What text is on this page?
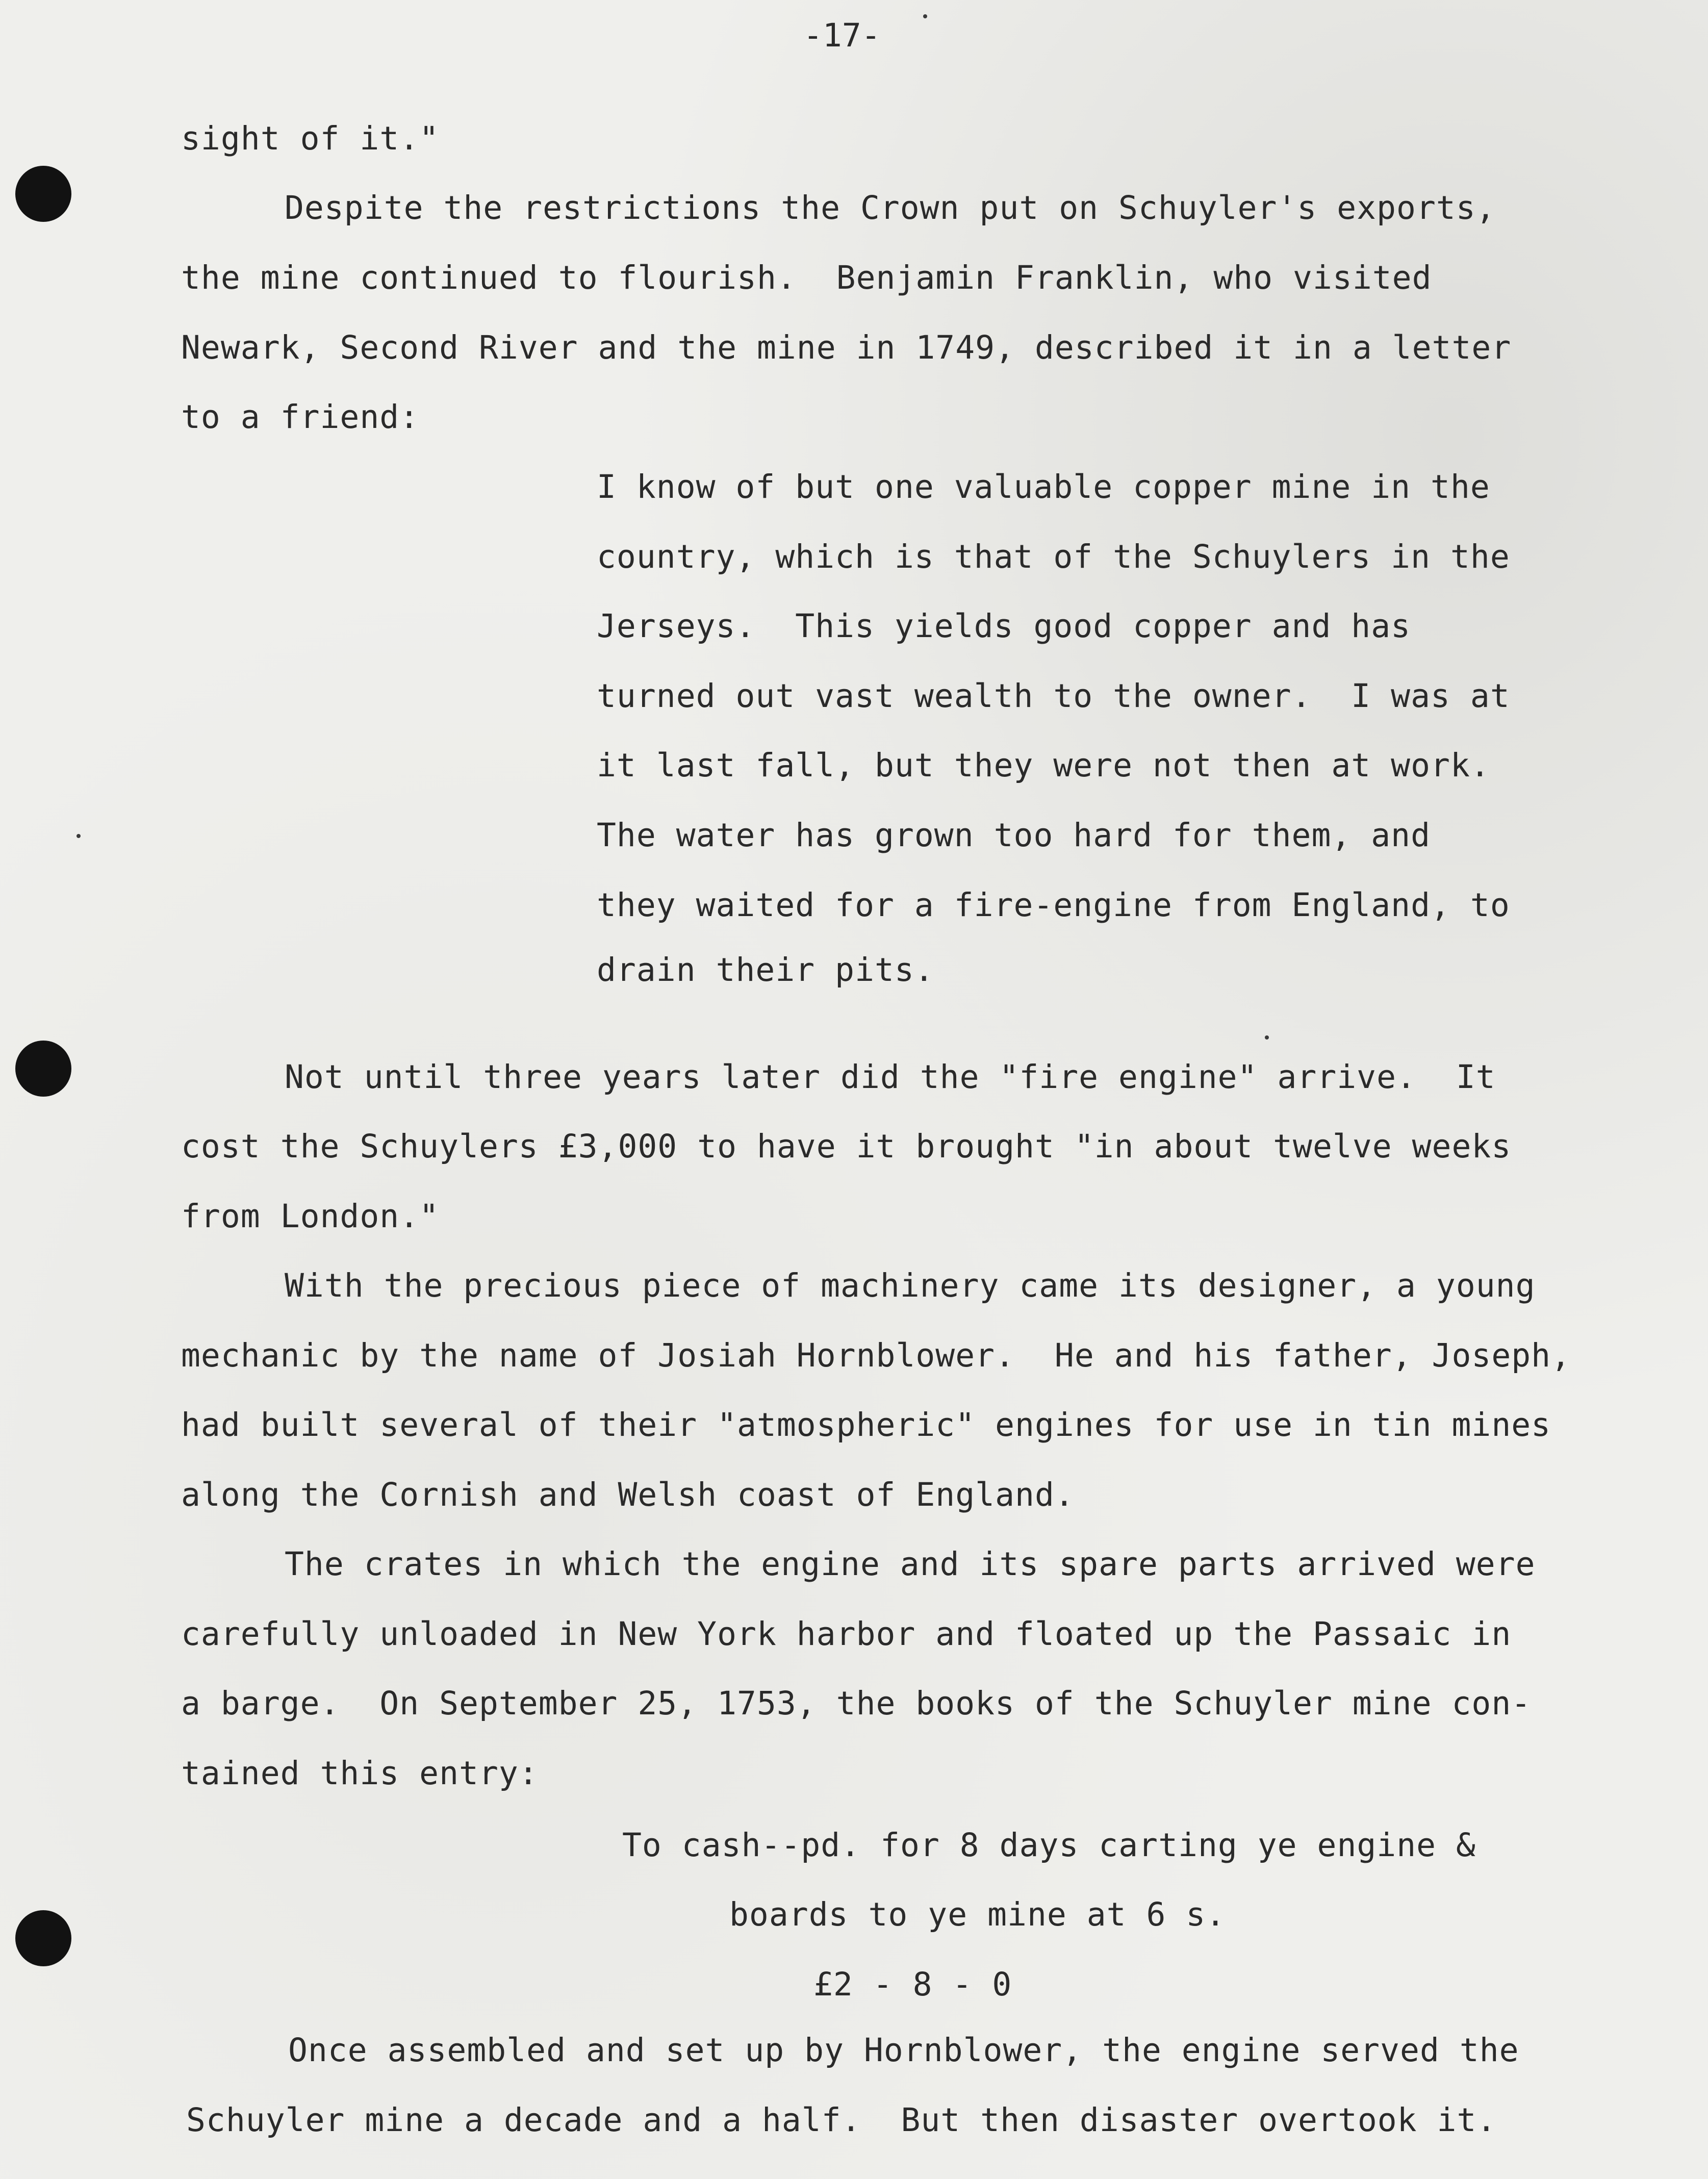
-17-

sight of it."

Despite the restrictions the Crown put on Schuyler's exports,

the mine continued to flourish.  Benjamin Franklin, who visited

Newark, Second River and the mine in 1749, described it in a letter

to a friend:

I know of but one valuable copper mine in the

country, which is that of the Schuylers in the

Jerseys.  This yields good copper and has

turned out vast wealth to the owner.  I was at

it last fall, but they were not then at work.

The water has grown too hard for them, and

they waited for a fire-engine from England, to

drain their pits.

Not until three years later did the "fire engine" arrive.  It

cost the Schuylers £3,000 to have it brought "in about twelve weeks

from London."

With the precious piece of machinery came its designer, a young

mechanic by the name of Josiah Hornblower.  He and his father, Joseph,

had built several of their "atmospheric" engines for use in tin mines

along the Cornish and Welsh coast of England.

The crates in which the engine and its spare parts arrived were

carefully unloaded in New York harbor and floated up the Passaic in

a barge.  On September 25, 1753, the books of the Schuyler mine con-

tained this entry:

To cash--pd. for 8 days carting ye engine &

boards to ye mine at 6 s.

£2 - 8 - 0

Once assembled and set up by Hornblower, the engine served the

Schuyler mine a decade and a half.  But then disaster overtook it.
